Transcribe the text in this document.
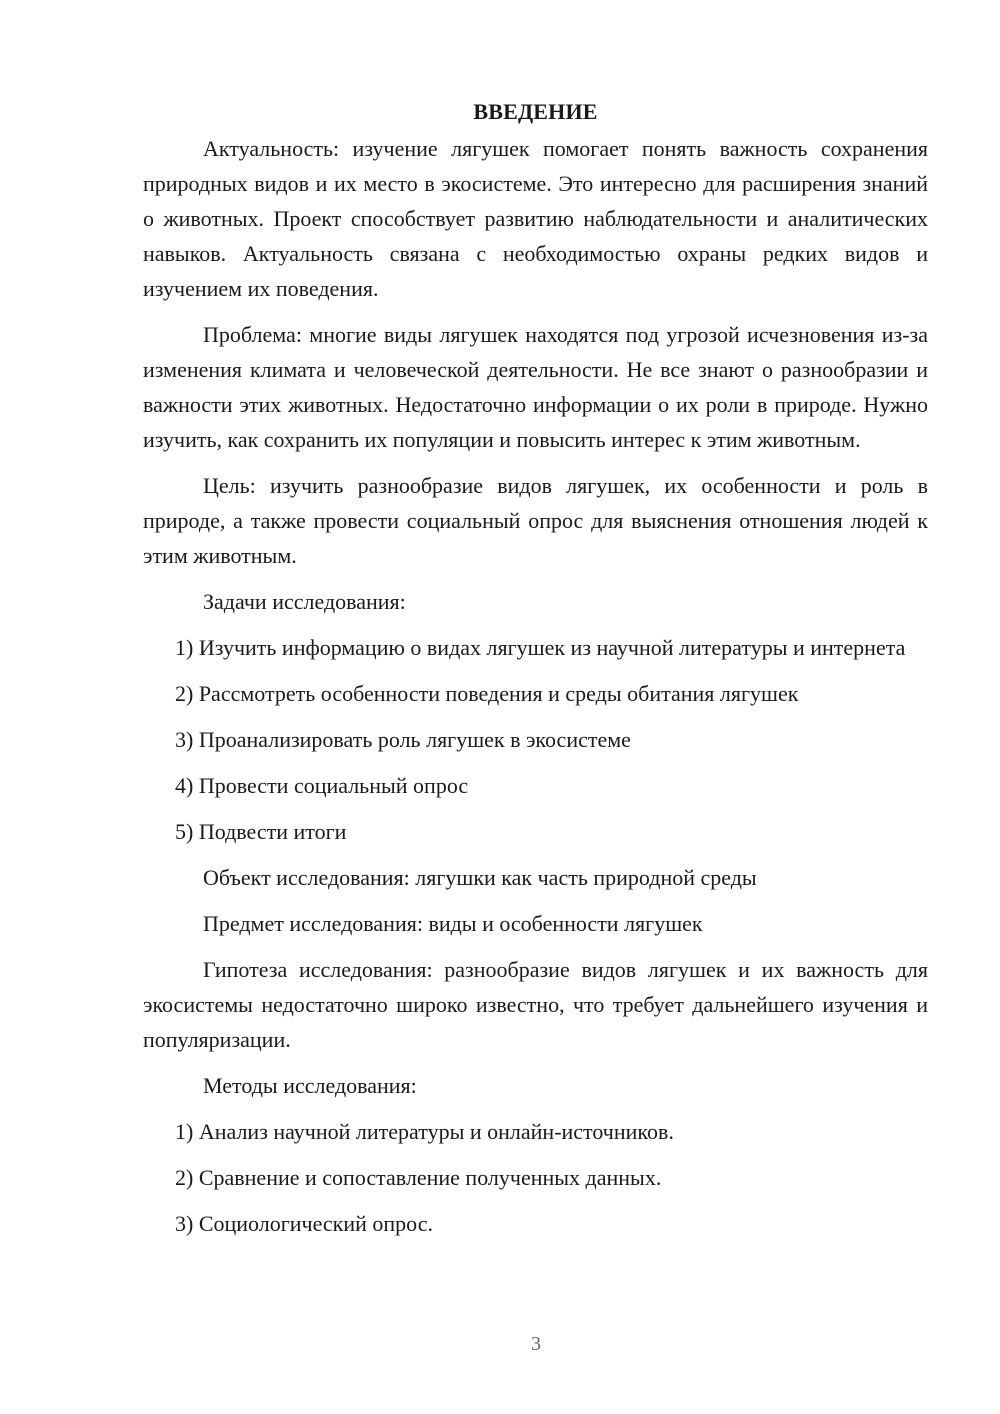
ВВЕДЕНИЕ

Актуальность: изучение лягушек помогает понять важность сохранения природных видов и их место в экосистеме. Это интересно для расширения знаний о животных. Проект способствует развитию наблюдательности и аналитических навыков. Актуальность связана с необходимостью охраны редких видов и изучением их поведения.

Проблема: многие виды лягушек находятся под угрозой исчезновения из-за изменения климата и человеческой деятельности. Не все знают о разнообразии и важности этих животных. Недостаточно информации о их роли в природе. Нужно изучить, как сохранить их популяции и повысить интерес к этим животным.

Цель: изучить разнообразие видов лягушек, их особенности и роль в природе, а также провести социальный опрос для выяснения отношения людей к этим животным.

Задачи исследования:

1) Изучить информацию о видах лягушек из научной литературы и интернета

2) Рассмотреть особенности поведения и среды обитания лягушек

3) Проанализировать роль лягушек в экосистеме

4) Провести социальный опрос

5) Подвести итоги

Объект исследования: лягушки как часть природной среды

Предмет исследования: виды и особенности лягушек

Гипотеза исследования: разнообразие видов лягушек и их важность для экосистемы недостаточно широко известно, что требует дальнейшего изучения и популяризации.

Методы исследования:

1) Анализ научной литературы и онлайн-источников.

2) Сравнение и сопоставление полученных данных.

3) Социологический опрос.

3
